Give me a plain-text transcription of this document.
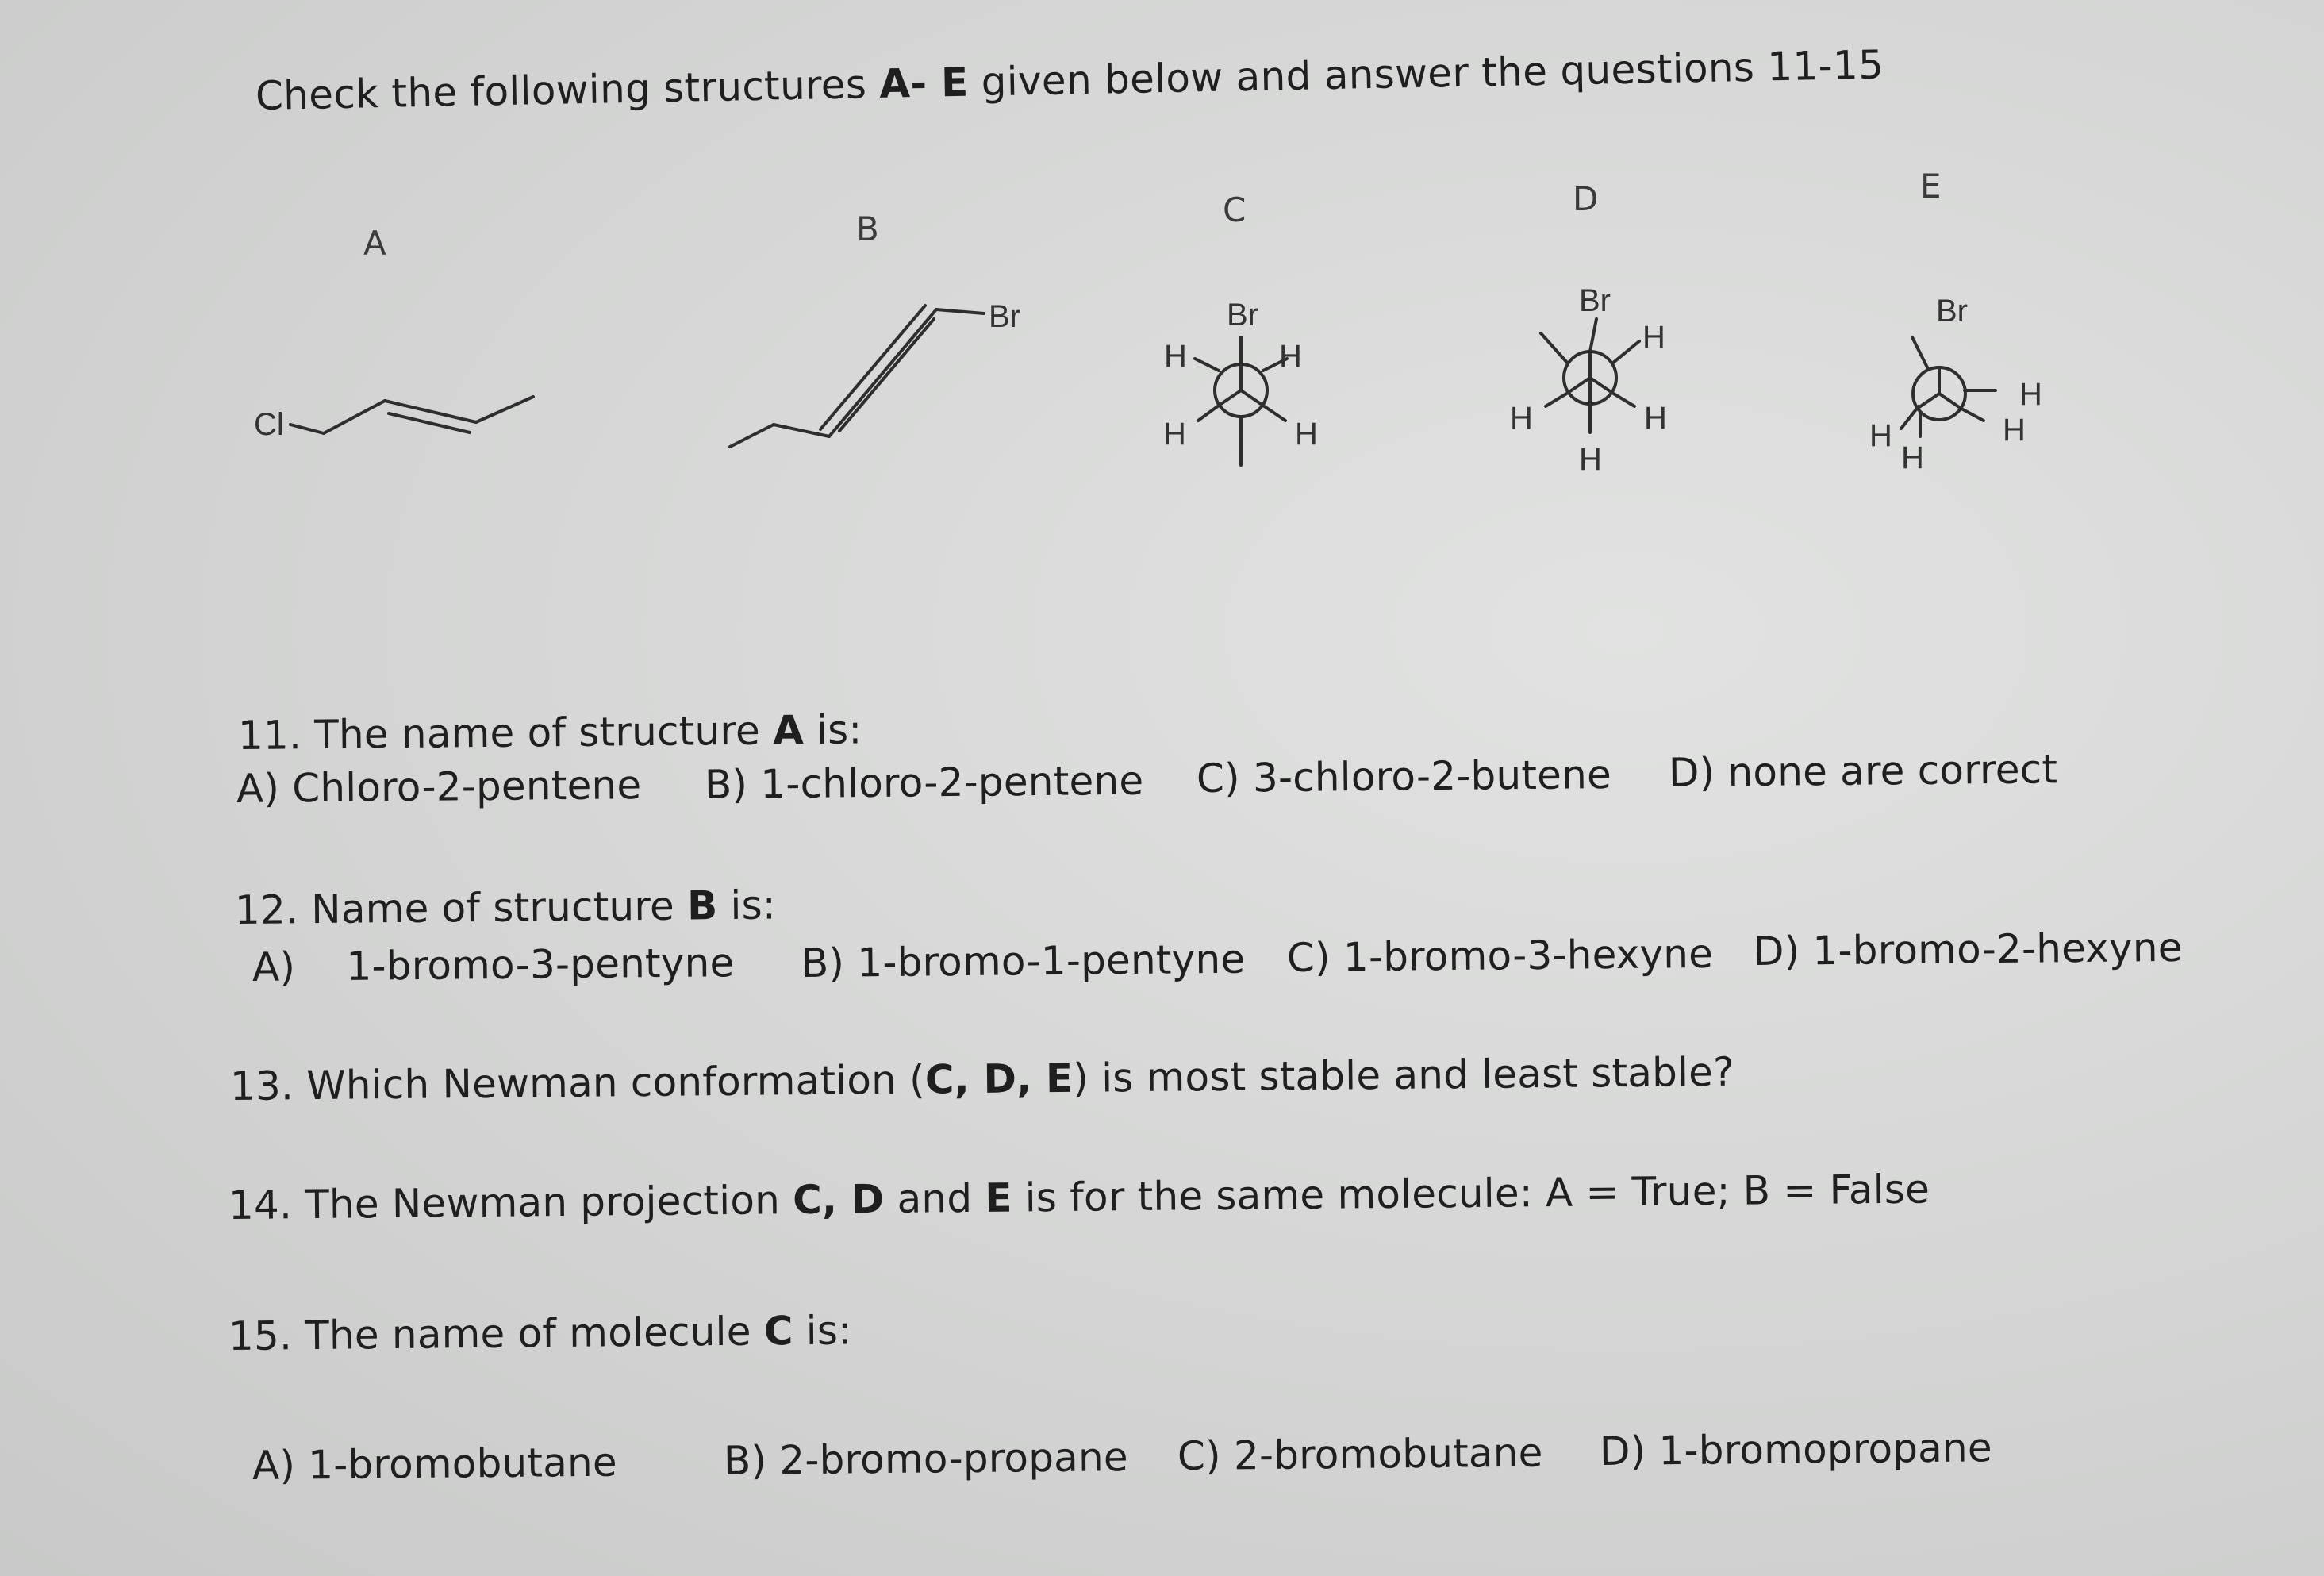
Check the following structures A- E given below and answer the questions 11-15
A	B	C	D	E
Cl
Br	Br
H	H
H	H
Br
H
H	H
H
Br
H
H	H
H
11. The name of structure A is:
A) Chloro-2-pentene B) 1-chloro-2-pentene C) 3-chloro-2-butene D) none are correct
12. Name of structure B is:
A)    1-bromo-3-pentyne B) 1-bromo-1-pentyne C) 1-bromo-3-hexyne D) 1-bromo-2-hexyne
13. Which Newman conformation (C, D, E) is most stable and least stable?
14. The Newman projection C, D and E is for the same molecule: A = True; B = False
15. The name of molecule C is:
A) 1-bromobutane	B) 2-bromo-propane C) 2-bromobutane D) 1-bromopropane
